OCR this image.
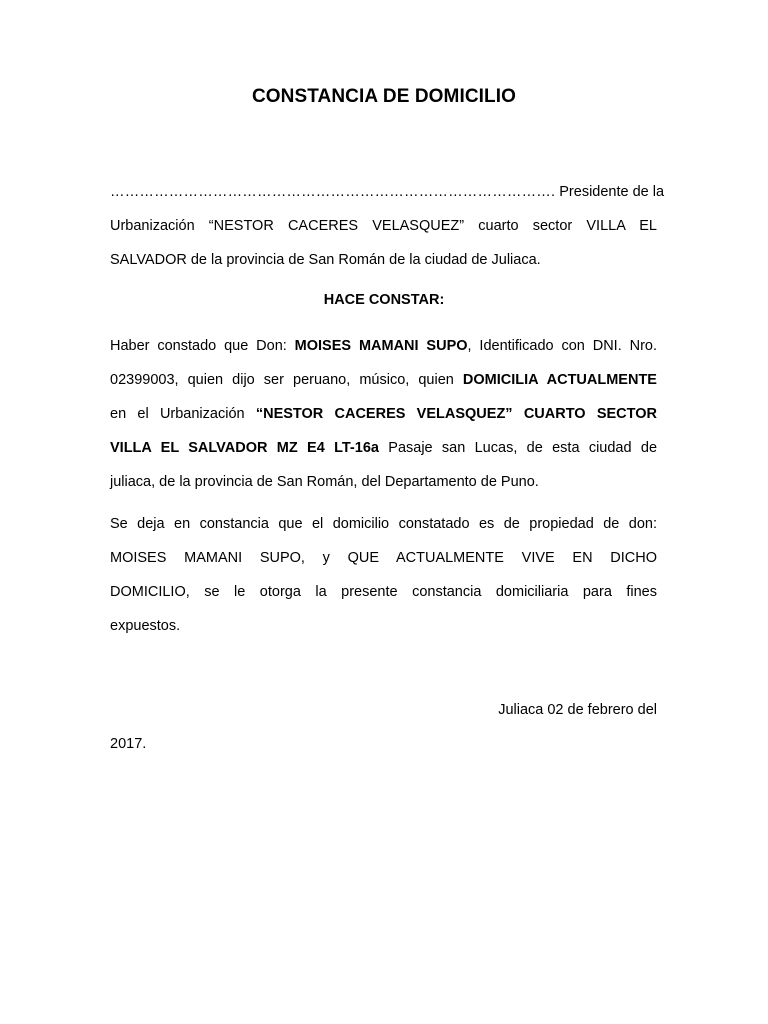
CONSTANCIA DE DOMICILIO
………………………………………………………………………………. Presidente de la
Urbanización “NESTOR CACERES VELASQUEZ” cuarto sector VILLA EL
SALVADOR de la provincia de San Román de la ciudad de Juliaca.

HACE CONSTAR:

Haber constado que Don: MOISES MAMANI SUPO, Identificado con DNI. Nro.
02399003, quien dijo ser peruano, músico, quien DOMICILIA ACTUALMENTE
en el Urbanización “NESTOR CACERES VELASQUEZ” CUARTO SECTOR
VILLA EL SALVADOR MZ E4 LT-16a Pasaje san Lucas, de esta ciudad de
juliaca, de la provincia de San Román, del Departamento de Puno.
Se deja en constancia que el domicilio constatado es de propiedad de don:
MOISES MAMANI SUPO, y QUE ACTUALMENTE VIVE EN DICHO
DOMICILIO, se le otorga la presente constancia domiciliaria para fines
expuestos.
Juliaca 02 de febrero del
2017.
